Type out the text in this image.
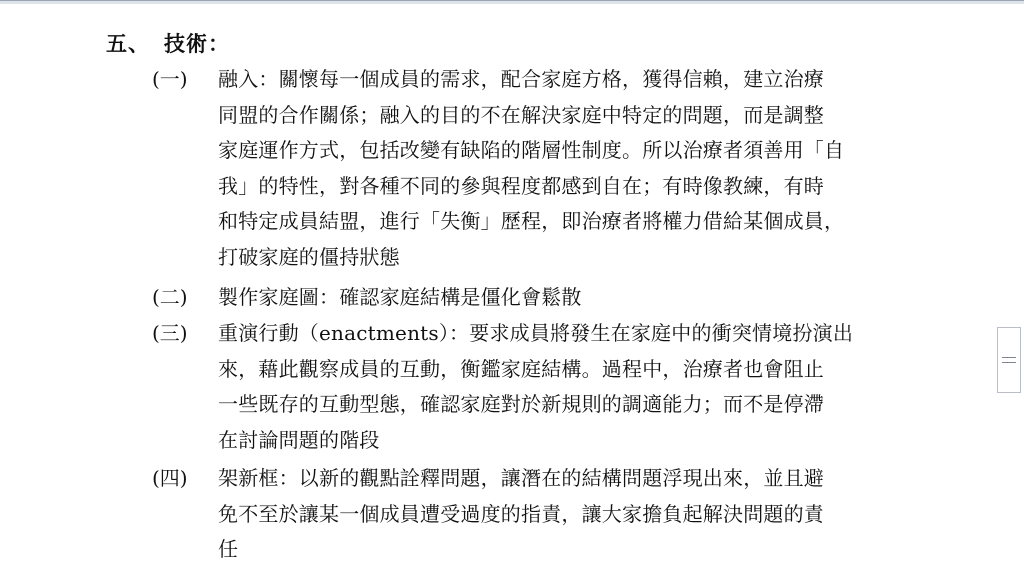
五、 技術：
(一) 融入：關懷每一個成員的需求，配合家庭方格，獲得信賴，建立治療
同盟的合作關係；融入的目的不在解決家庭中特定的問題，而是調整
家庭運作方式，包括改變有缺陷的階層性制度。所以治療者須善用「自
我」的特性，對各種不同的參與程度都感到自在；有時像教練，有時
和特定成員結盟，進行「失衡」歷程，即治療者將權力借給某個成員，
打破家庭的僵持狀態
(二) 製作家庭圖：確認家庭結構是僵化會鬆散
(三) 重演行動（enactments）：要求成員將發生在家庭中的衝突情境扮演出
來，藉此觀察成員的互動，衡鑑家庭結構。過程中，治療者也會阻止
一些既存的互動型態，確認家庭對於新規則的調適能力；而不是停滯
在討論問題的階段
(四) 架新框：以新的觀點詮釋問題，讓潛在的結構問題浮現出來，並且避
免不至於讓某一個成員遭受過度的指責，讓大家擔負起解決問題的責
任
